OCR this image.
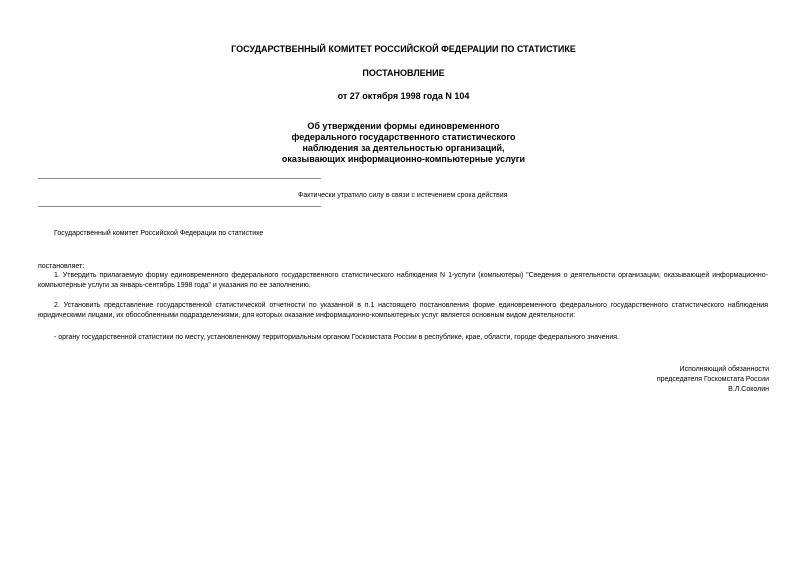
ГОСУДАРСТВЕННЫЙ КОМИТЕТ РОССИЙСКОЙ ФЕДЕРАЦИИ ПО СТАТИСТИКЕ
ПОСТАНОВЛЕНИЕ
от 27 октября 1998 года N 104
Об утверждении формы единовременного
федерального государственного статистического
наблюдения за деятельностью организаций,
оказывающих информационно-компьютерные услуги
Фактически утратило силу в связи с истечением срока действия
Государственный комитет Российской Федерации по статистике
постановляет:
1. Утвердить прилагаемую форму единовременного федерального государственного статистического наблюдения N 1-услуги (компьютеры) "Сведения о деятельности организации, оказывающей информационно-компьютерные услуги за январь-сентябрь 1998 года" и указания по ее заполнению.
2. Установить представление государственной статистической отчетности по указанной в п.1 настоящего постановления форме единовременного федерального государственного статистического наблюдения юридическими лицами, их обособленными подразделениями, для которых оказание информационно-компьютерных услуг является основным видом деятельности:
- органу государственной статистики по месту, установленному территориальным органом Госкомстата России в республике, крае, области, городе федерального значения.
Исполняющий обязанности
председателя Госкомстата России
В.Л.Соколин
